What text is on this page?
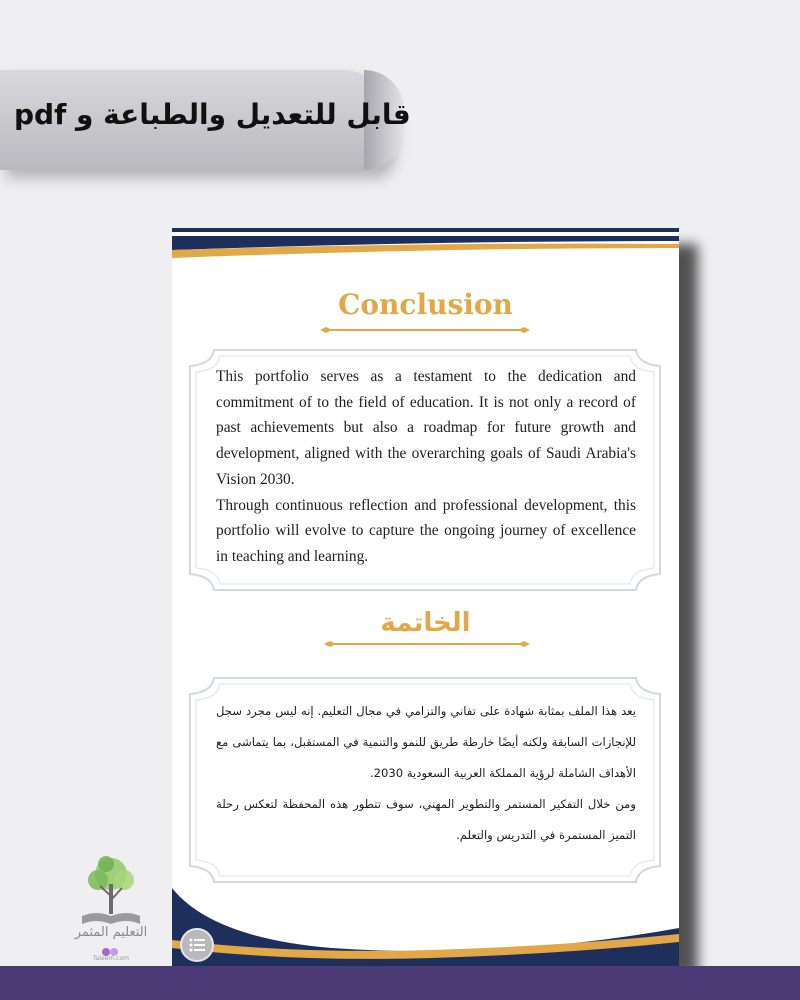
قابل للتعديل والطباعة و pdf
Conclusion

This portfolio serves as a testament to the dedication and commitment of to the field of education. It is not only a record of past achievements but also a roadmap for future growth and development, aligned with the overarching goals of Saudi Arabia's Vision 2030.

Through continuous reflection and professional development, this portfolio will evolve to capture the ongoing journey of excellence in teaching and learning.

الخاتمة

يعد هذا الملف بمثابة شهادة على تفاني والتزامي في مجال التعليم. إنه ليس مجرد سجل للإنجازات السابقة ولكنه أيضًا خارطة طريق للنمو والتنمية في المستقبل، بما يتماشى مع الأهداف الشاملة لرؤية المملكة العربية السعودية 2030.

ومن خلال التفكير المستمر والتطوير المهني، سوف تتطور هذه المحفظة لتعكس رحلة التميز المستمرة في التدريس والتعلم.

التعليم المثمر
Taleem.com
